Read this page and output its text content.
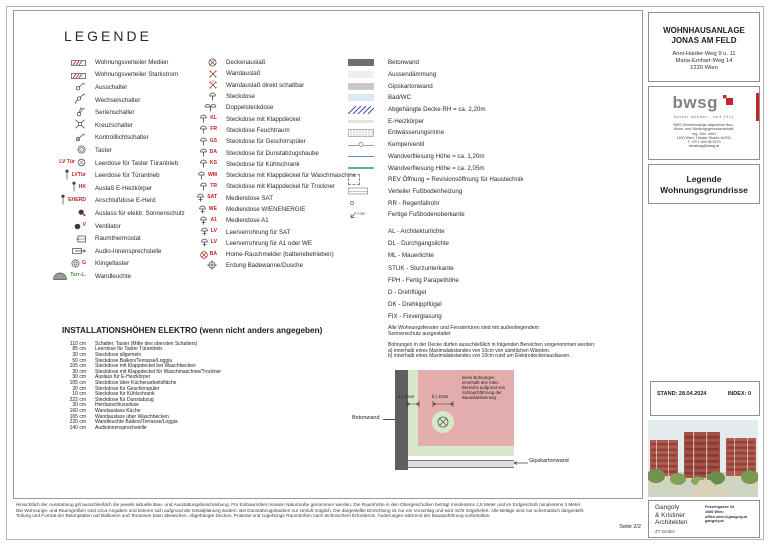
LEGENDE
Wohnungsverteiler Medien
Wohnungsverteiler Starkstrom
Ausschalter
Wechselschalter
Serienschalter
Kreuzschalter
Kontrolllichtschalter
Taster
LV Tür	Leerdose für Taster Türantrieb
LVTür Leerdose für Türantrieb
HK Auslaß E-Heizkörper
EHERD Anschlußdose E-Herd
Auslass für elektr. Sonnenschutz
V Ventilator
Raumthermostat
Audio-Innensprechstelle
G Klingeltaster
Terr-L. Wandleuchte
Deckenauslaß
Wandauslaß
Wandauslaß direkt schaltbar
Steckdose
Doppelsteckdose
KL Steckdose mit Klappdeckel
FR Steckdose Feuchtraum
GS Steckdose für Geschirrspüler
DA Steckdose für Dunstabzugshaube
KS Steckdose für Kühlschrank
WM Steckdose mit Klappdeckel für Waschmaschine
TR Steckdose mit Klappdeckel für Trockner
SAT Mediendose SAT
WE Mediendose WIENENERGIE
A1 Mediendose A1
LV Leerverrohrung für SAT
LV Leerverrohrung für A1 oder WE
BA Home-Rauchmelder (batteriebetrieben)
Erdung Badewanne/Dusche
Betonwand
Aussendämmung
Gipskartonwand
Bad/WC
Abgehängte Decke RH = ca. 2,20m
E-Heizkörper
Entwässerungsrinne
Kemperventil
Wandverfliesung Höhe = ca. 1,20m
Wandverfliesung Höhe = ca. 2,05m
REV Öffnung = Revisionsöffnung für Haustechnik
Verteiler Fußbodenheizung
RR - Regenfallrohr
FOK	Fertige Fußbodenoberkante
AL - Architekturlichte
DL - Durchgangslichte
ML - Mauerlichte
STUK - Sturzunterkante
FPH - Fertig Parapethöhe
D - Drehflügel
DK - Drehkippflügel
FIX - Fixverglasung
Alle Wohnungsfenster und Fenstertüren sind mit außenliegendem
Sonnenschutz ausgestattet
Bohrungen in der Decke dürfen ausschließlich in folgenden Bereichen vorgenommen werden:
a) innerhalb eines Maximalabstandes von 10cm von sämtlichen Wänden.
b) innerhalb eines Maximalabstandes von 10cm rund um Elektrodeckenauslässen.
INSTALLATIONSHÖHEN ELEKTRO (wenn nicht anders angegeben)
110 cm Schalter, Taster (Mitte des obersten Schalters)
85 cm Leerdose für Taster Türantrieb
30 cm Steckdose allgemein
50 cm Steckdose Balkon/Terrasse/Loggia
105 cm Steckdose mit Klappdeckel bei Waschbecken
30 cm Steckdose mit Klappdeckel für Waschmaschine/Trockner
30 cm Auslass für E-Heizkörper
105 cm Steckdose über Küchenarbeitsfläche
30 cm Steckdose für Geschirrspüler
10 cm Steckdose für Kühlschrank
222 cm Steckdose für Dunstabzug
30 cm Herdanschlussdose
160 cm Wandauslass Küche
165 cm Wandauslass über Waschbecken
220 cm Wandleuchte Balkon/Terrasse/Loggia
140 cm Audioinnensprechstelle
Betonwand
a.) 10cm	b.) 10cm
keine Bohrungen
innerhalb des roten
Bereichs aufgrund von
Schlauchführung der
Bauteilaktivierung
Gipskartonwand
Hinsichtlich der Ausstattung gilt ausschließlich die jeweils aktuelle Bau- und Ausstattungsbeschreibung. Für Einbaumöbel müssen Naturmaße genommen werden. Die Raumhöhe in den Obergeschoßen beträgt mindestens 2,5 Meter und im Erdgeschoß mindestens 3 Meter.
Die Wohnungs- und Raumgrößen sind circa-Angaben und können sich aufgrund der Detailplanung ändern. Bei Dunstabzugshauben nur Umluft möglich. Die dargestellte Einrichtung ist nur ein Vorschlag und wird nicht mitgeliefert. Alle Beläge sind nur schematisch dargestellt.
Teilung und Format der Betonplatten auf Balkonen und Terrassen kann abweichen. Abgehängte Decken, Podeste und zugehörige Raumhöhen nach technischem Erfordernis. Änderungen während der Bauausführung vorbehalten.
Seite 2/2
WOHNHAUSANLAGE
JONAS AM FELD
Anni-Haider-Weg 9 u. 11
Maria-Emhart-Weg 14
1220 Wien
bwsg
besser wohnen - seit 1911
BWS Gemeinnützige allgemeine Bau-,
Wohn- und Siedlungsgenossenschaft,
reg. Gen. mbH
1100 Wien, Triester Straße 40/311
T +43 1 546 66 5070
beratung@bwsg.at
Legende
Wohnungsgrundrisse
STAND: 28.04.2024	INDEX: 0
Gangoly
& Kristiner
Architekten
ZT GmbH
Pezzlergasse 34
1080 Wien
office.wien@gangoly.at
gangoly.at
